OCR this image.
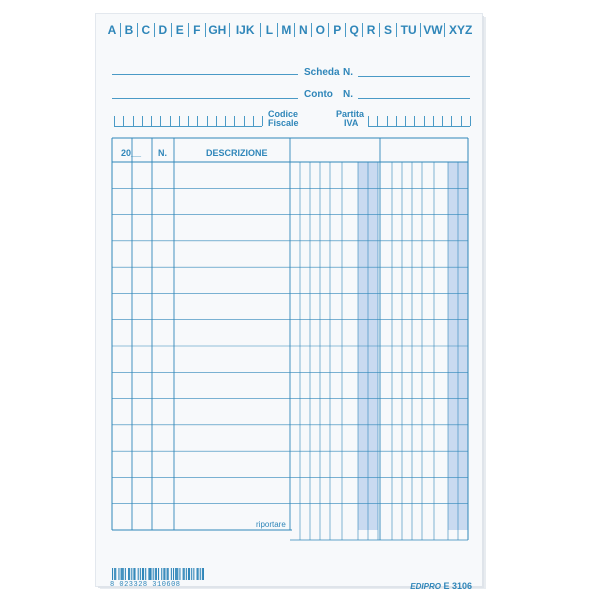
A B C D E F GH IJK L M N O P Q R S TU VW XYZ
Scheda N.
Conto N.
Codice
Fiscale
Partita
IVA
20__ N.	DESCRIZIONE
riportare
8 023328 310608	EDIPRO E 3106
